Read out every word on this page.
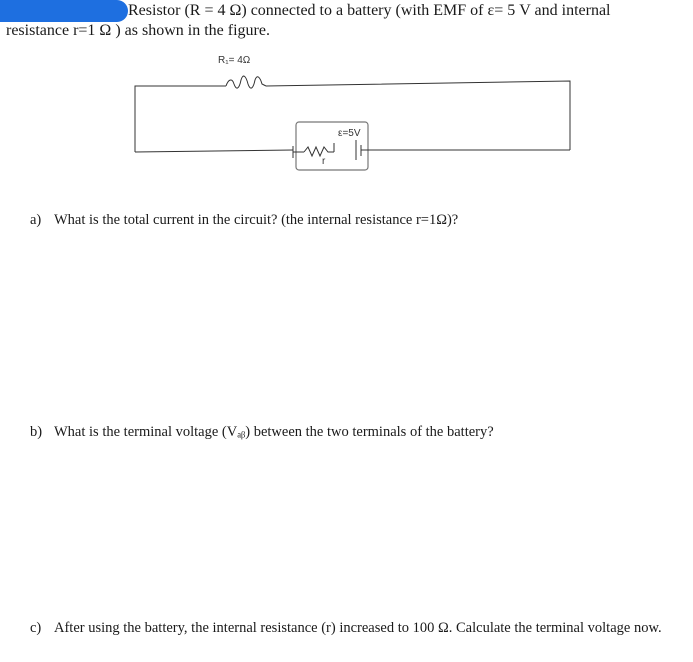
Resistor (R = 4 Ω) connected to a battery (with EMF of ε= 5 V and internal
resistance r=1 Ω ) as shown in the figure.
R₁= 4Ω
ε=5V
r
a) What is the total current in the circuit? (the internal resistance r=1Ω)?
b) What is the terminal voltage (Vₐᵦ) between the two terminals of the battery?
c) After using the battery, the internal resistance (r) increased to 100 Ω. Calculate the terminal voltage now.
